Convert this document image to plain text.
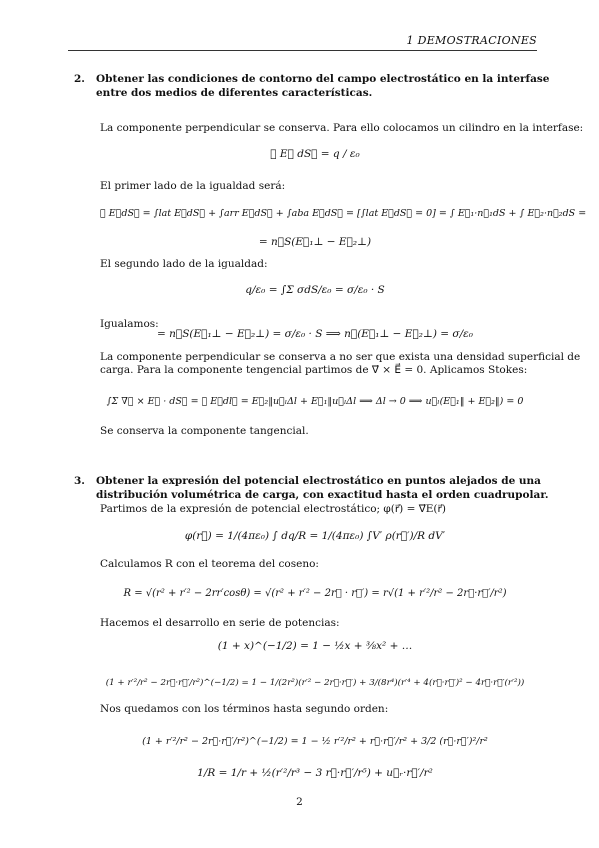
1 DEMOSTRACIONES
2. Obtener las condiciones de contorno del campo electrostático en la interfase
entre dos medios de diferentes características.
La componente perpendicular se conserva. Para ello colocamos un cilindro en la interfase:
∮ E⃗ dS⃗ = q / ε₀
El primer lado de la igualdad será:
∮ E⃗dS⃗ = ∫lat E⃗dS⃗ + ∫arr E⃗dS⃗ + ∫aba E⃗dS⃗ = [∫lat E⃗dS⃗ = 0] = ∫ E⃗₁·n⃗₁dS + ∫ E⃗₂·n⃗₂dS =
= n⃗S(E⃗₁⊥ − E⃗₂⊥)
El segundo lado de la igualdad:
q/ε₀ = ∫Σ σdS/ε₀ = σ/ε₀ · S
Igualamos:
= n⃗S(E⃗₁⊥ − E⃗₂⊥) = σ/ε₀ · S ⟹ n⃗(E⃗₁⊥ − E⃗₂⊥) = σ/ε₀
La componente perpendicular se conserva a no ser que exista una densidad superficial de
carga. Para la componente tengencial partimos de ∇⃗ × E⃗ = 0. Aplicamos Stokes:
∫Σ ∇⃗ × E⃗ · dS⃗ = ∮ E⃗dl⃗ = E⃗₂‖u⃗ₗΔl + E⃗₁‖u⃗ₗΔl ⟹ Δl → 0 ⟹ u⃗ₗ(E⃗₁‖ + E⃗₂‖) = 0
Se conserva la componente tangencial.
3. Obtener la expresión del potencial electrostático en puntos alejados de una
distribución volumétrica de carga, con exactitud hasta el orden cuadrupolar.
Partimos de la expresión de potencial electrostático; φ(r⃗) = ∇⃗E(r⃗)
φ(r⃗) = 1/(4πε₀) ∫ dq/R = 1/(4πε₀) ∫V′ ρ(r⃗′)/R dV′
Calculamos R con el teorema del coseno:
R = √(r² + r′² − 2rr′cosθ) = √(r² + r′² − 2r⃗ · r⃗′) = r√(1 + r′²/r² − 2r⃗·r⃗′/r²)
Hacemos el desarrollo en serie de potencias:
(1 + x)^(−1/2) = 1 − ½x + ⅜x² + …
(1 + r′²/r² − 2r⃗·r⃗′/r²)^(−1/2) = 1 − 1/(2r²)(r′² − 2r⃗·r⃗′) + 3/(8r⁴)(r′⁴ + 4(r⃗·r⃗′)² − 4r⃗·r⃗′(r′²))
Nos quedamos con los términos hasta segundo orden:
(1 + r′²/r² − 2r⃗·r⃗′/r²)^(−1/2) = 1 − ½ r′²/r² + r⃗·r⃗′/r² + 3/2 (r⃗·r⃗′)²/r²
1/R = 1/r + ½(r′²/r³ − 3 r⃗·r⃗′/r⁵) + u⃗ᵣ·r⃗′/r²
2
